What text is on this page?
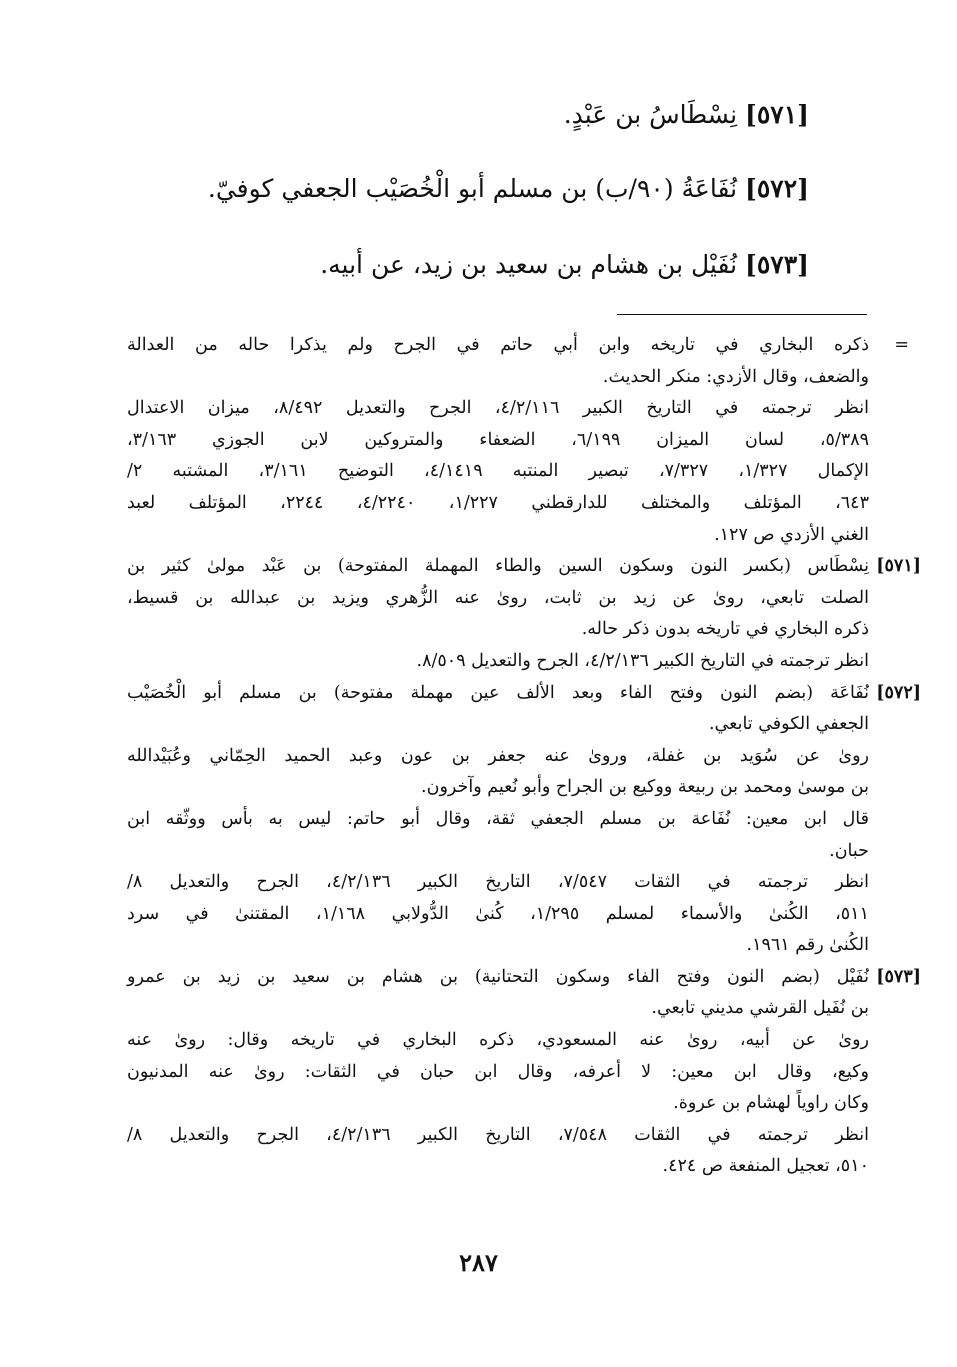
[٥٧١] نِسْطَاسُ بن عَبْدٍ.
[٥٧٢] نُفَاعَةُ (٩٠/ب) بن مسلم أبو الْخُصَيْب الجعفي كوفيّ.
[٥٧٣] نُفَيْل بن هشام بن سعيد بن زيد، عن أبيه.
=
ذكره البخاري في تاريخه وابن أبي حاتم في الجرح ولم يذكرا حاله من العدالة
والضعف، وقال الأزدي: منكر الحديث.
انظر ترجمته في التاريخ الكبير ٤/٢/١١٦، الجرح والتعديل ٨/٤٩٢، ميزان الاعتدال
٥/٣٨٩، لسان الميزان ٦/١٩٩، الضعفاء والمتروكين لابن الجوزي ٣/١٦٣،
الإكمال ١/٣٢٧، ٧/٣٢٧، تبصير المنتبه ٤/١٤١٩، التوضيح ٣/١٦١، المشتبه ٢/
٦٤٣، المؤتلف والمختلف للدارقطني ١/٢٢٧، ٤/٢٢٤٠، ٢٢٤٤، المؤتلف لعبد
الغني الأزدي ص ١٢٧.
[٥٧١]
نِسْطَاس (بكسر النون وسكون السين والطاء المهملة المفتوحة) بن عَبْد مولىٰ كثير بن
الصلت تابعي، روىٰ عن زيد بن ثابت، روىٰ عنه الزُّهري ويزيد بن عبدالله بن قسيط،
ذكره البخاري في تاريخه بدون ذكر حاله.
انظر ترجمته في التاريخ الكبير ٤/٢/١٣٦، الجرح والتعديل ٨/٥٠٩.
[٥٧٢]
نُفَاعَة (بضم النون وفتح الفاء وبعد الألف عين مهملة مفتوحة) بن مسلم أبو الْخُصَيْب
الجعفي الكوفي تابعي.
روىٰ عن سُوَيد بن غفلة، وروىٰ عنه جعفر بن عون وعبد الحميد الحِمّاني وعُبَيْدالله
بن موسىٰ ومحمد بن ربيعة ووكيع بن الجراح وأبو نُعيم وآخرون.
قال ابن معين: نُفَاعة بن مسلم الجعفي ثقة، وقال أبو حاتم: ليس به بأس ووثّقه ابن
حبان.
انظر ترجمته في الثقات ٧/٥٤٧، التاريخ الكبير ٤/٢/١٣٦، الجرح والتعديل ٨/
٥١١، الكُنىٰ والأسماء لمسلم ١/٢٩٥، كُنىٰ الدُّولابي ١/١٦٨، المقتنىٰ في سرد
الكُنىٰ رقم ١٩٦١.
[٥٧٣]
نُفَيْل (بضم النون وفتح الفاء وسكون التحتانية) بن هشام بن سعيد بن زيد بن عمرو
بن نُفَيل القرشي مديني تابعي.
روىٰ عن أبيه، روىٰ عنه المسعودي، ذكره البخاري في تاريخه وقال: روىٰ عنه
وكيع، وقال ابن معين: لا أعرفه، وقال ابن حبان في الثقات: روىٰ عنه المدنيون
وكان راوياً لهشام بن عروة.
انظر ترجمته في الثقات ٧/٥٤٨، التاريخ الكبير ٤/٢/١٣٦، الجرح والتعديل ٨/
٥١٠، تعجيل المنفعة ص ٤٢٤.
٢٨٧
